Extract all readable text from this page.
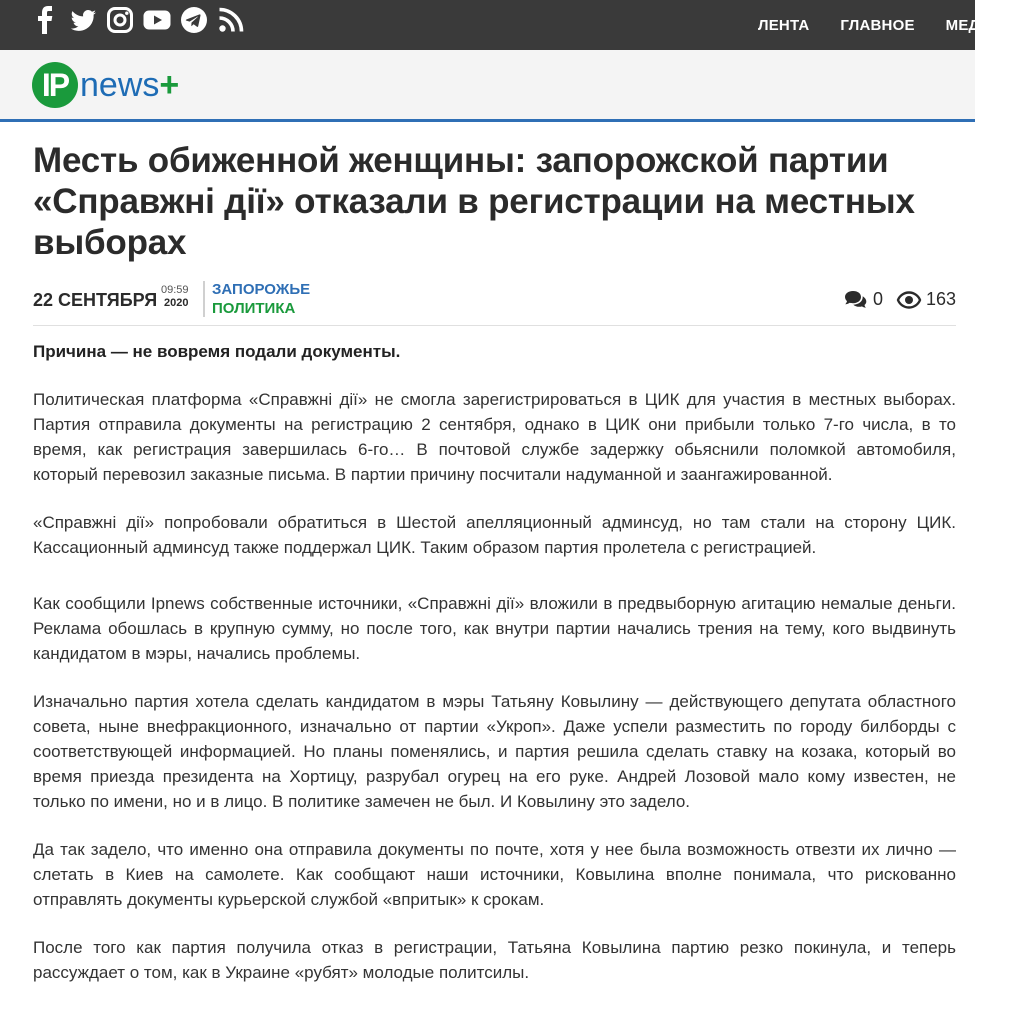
ЛЕНТА ГЛАВНОЕ МЕДИА
IP news +
Месть обиженной женщины: запорожской партии «Справжні дії» отказали в регистрации на местных выборах
22 СЕНТЯБРЯ 09:59
2020
ЗАПОРОЖЬЕ
ПОЛИТИКА	0 163

Причина — не вовремя подали документы.

Политическая платформа «Справжні дії» не смогла зарегистрироваться в ЦИК для участия в местных выборах. Партия отправила документы на регистрацию 2 сентября, однако в ЦИК они прибыли только 7-го числа, в то время, как регистрация завершилась 6-го… В почтовой службе задержку обьяснили поломкой автомобиля, который перевозил заказные письма. В партии причину посчитали надуманной и заангажированной.

«Справжні дії» попробовали обратиться в Шестой апелляционный админсуд, но там стали на сторону ЦИК. Кассационный админсуд также поддержал ЦИК. Таким образом партия пролетела с регистрацией.

Как сообщили Ipnews собственные источники, «Справжні дії» вложили в предвыборную агитацию немалые деньги. Реклама обошлась в крупную сумму, но после того, как внутри партии начались трения на тему, кого выдвинуть кандидатом в мэры, начались проблемы.

Изначально партия хотела сделать кандидатом в мэры Татьяну Ковылину — действующего депутата областного совета, ныне внефракционного, изначально от партии «Укроп». Даже успели разместить по городу билборды с соответствующей информацией. Но планы поменялись, и партия решила сделать ставку на козака, который во время приезда президента на Хортицу, разрубал огурец на его руке. Андрей Лозовой мало кому известен, не только по имени, но и в лицо. В политике замечен не был. И Ковылину это задело.

Да так задело, что именно она отправила документы по почте, хотя у нее была возможность отвезти их лично — слетать в Киев на самолете. Как сообщают наши источники, Ковылина вполне понимала, что рискованно отправлять документы курьерской службой «впритык» к срокам.

После того как партия получила отказ в регистрации, Татьяна Ковылина партию резко покинула, и теперь рассуждает о том, как в Украине «рубят» молодые политсилы.
